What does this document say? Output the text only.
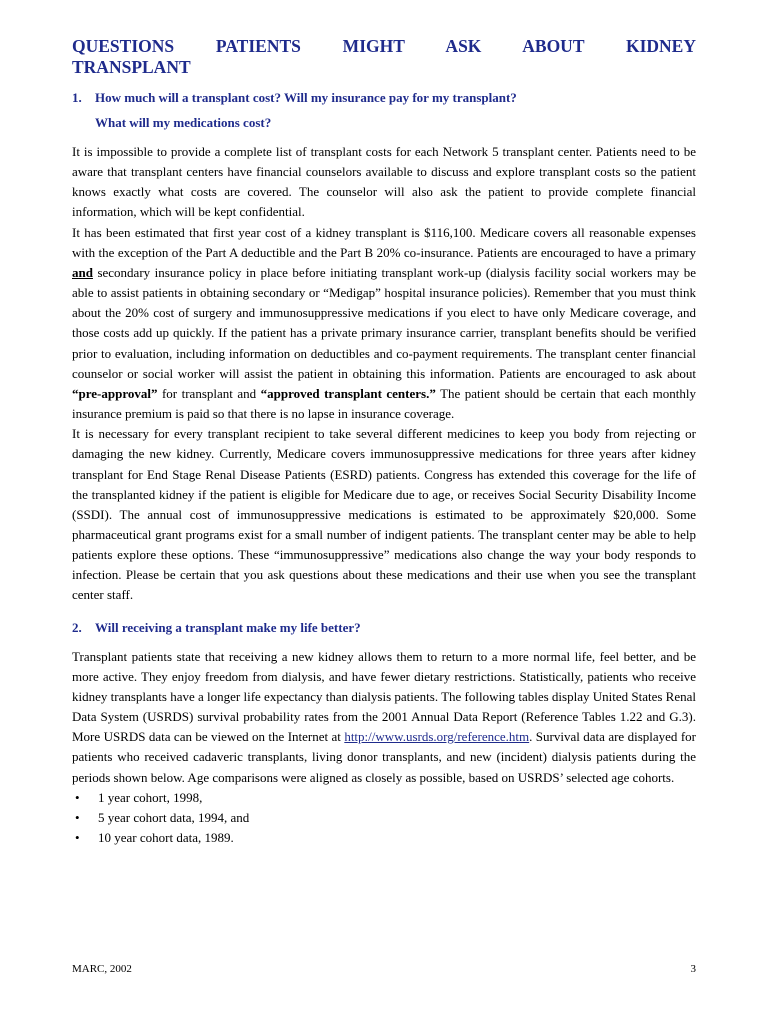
QUESTIONS PATIENTS MIGHT ASK ABOUT KIDNEY
TRANSPLANT
1. How much will a transplant cost? Will my insurance pay for my transplant?
What will my medications cost?

It is impossible to provide a complete list of transplant costs for each Network 5 transplant center. Patients need to be aware that transplant centers have financial counselors available to discuss and explore transplant costs so the patient knows exactly what costs are covered. The counselor will also ask the patient to provide complete financial information, which will be kept confidential.

It has been estimated that first year cost of a kidney transplant is $116,100. Medicare covers all reasonable expenses with the exception of the Part A deductible and the Part B 20% co-insurance. Patients are encouraged to have a primary and secondary insurance policy in place before initiating transplant work-up (dialysis facility social workers may be able to assist patients in obtaining secondary or “Medigap” hospital insurance policies). Remember that you must think about the 20% cost of surgery and immunosuppressive medications if you elect to have only Medicare coverage, and those costs add up quickly. If the patient has a private primary insurance carrier, transplant benefits should be verified prior to evaluation, including information on deductibles and co-payment requirements. The transplant center financial counselor or social worker will assist the patient in obtaining this information. Patients are encouraged to ask about “pre-approval” for transplant and “approved transplant centers.” The patient should be certain that each monthly insurance premium is paid so that there is no lapse in insurance coverage.

It is necessary for every transplant recipient to take several different medicines to keep you body from rejecting or damaging the new kidney. Currently, Medicare covers immunosuppressive medications for three years after kidney transplant for End Stage Renal Disease Patients (ESRD) patients. Congress has extended this coverage for the life of the transplanted kidney if the patient is eligible for Medicare due to age, or receives Social Security Disability Income (SSDI). The annual cost of immunosuppressive medications is estimated to be approximately $20,000. Some pharmaceutical grant programs exist for a small number of indigent patients. The transplant center may be able to help patients explore these options. These “immunosuppressive” medications also change the way your body responds to infection. Please be certain that you ask questions about these medications and their use when you see the transplant center staff.

2. Will receiving a transplant make my life better?

Transplant patients state that receiving a new kidney allows them to return to a more normal life, feel better, and be more active. They enjoy freedom from dialysis, and have fewer dietary restrictions. Statistically, patients who receive kidney transplants have a longer life expectancy than dialysis patients. The following tables display United States Renal Data System (USRDS) survival probability rates from the 2001 Annual Data Report (Reference Tables 1.22 and G.3). More USRDS data can be viewed on the Internet at http://www.usrds.org/reference.htm. Survival data are displayed for patients who received cadaveric transplants, living donor transplants, and new (incident) dialysis patients during the periods shown below. Age comparisons were aligned as closely as possible, based on USRDS’ selected age cohorts.

• 1 year cohort, 1998,
• 5 year cohort data, 1994, and
• 10 year cohort data, 1989.
MARC, 2002	3
